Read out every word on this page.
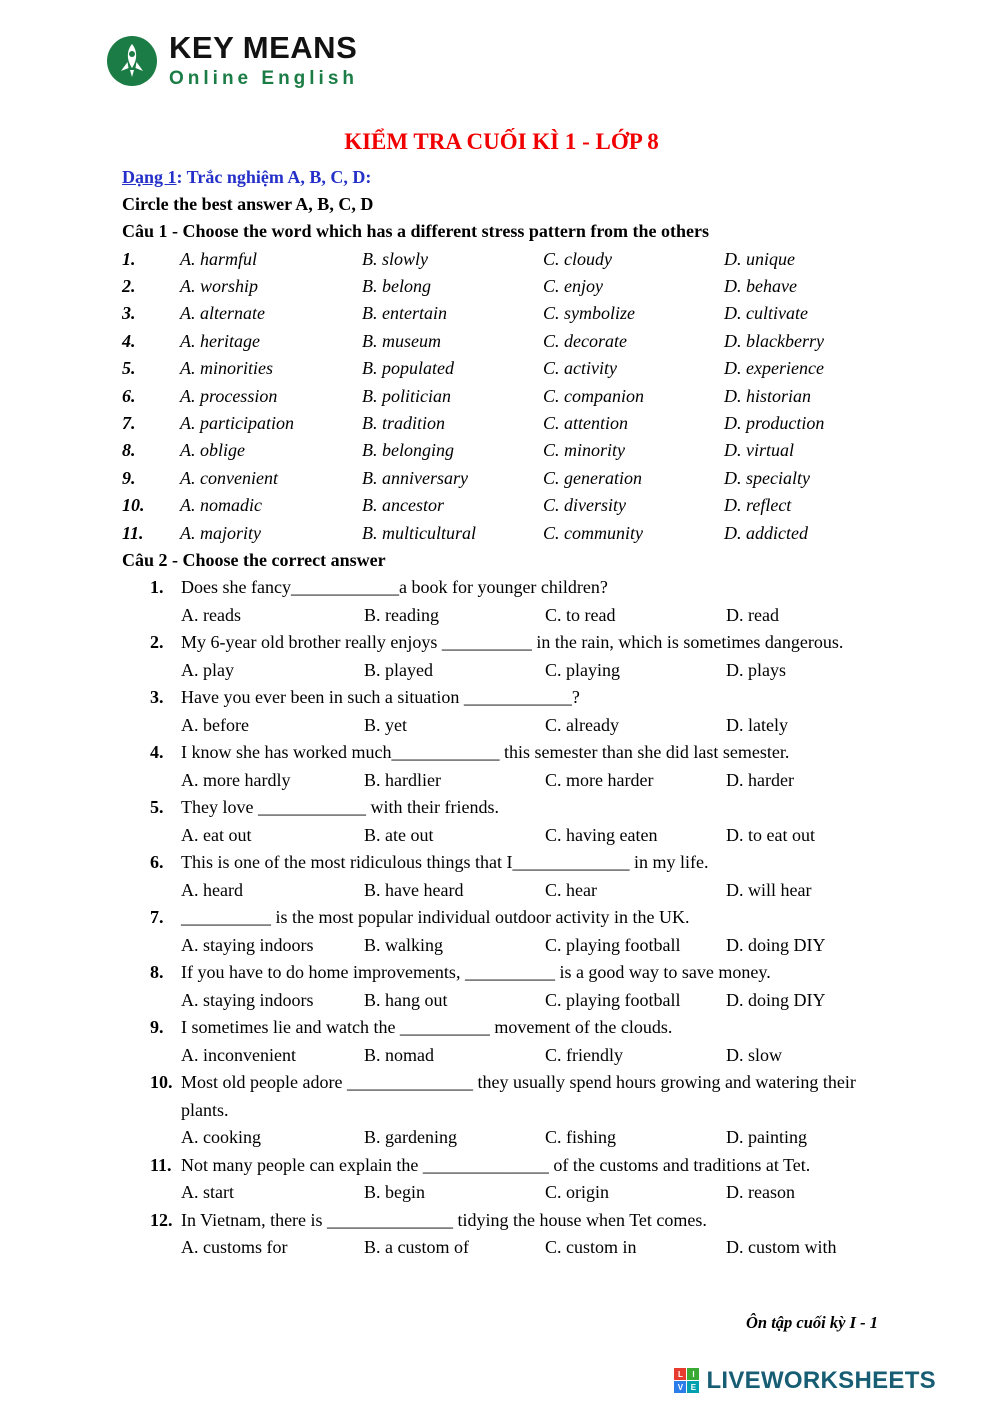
KEY MEANS
Online English
KIỂM TRA CUỐI KÌ 1 - LỚP 8

Dạng 1: Trắc nghiệm A, B, C, D:

Circle the best answer A, B, C, D

Câu 1 - Choose the word which has a different stress pattern from the others

1.	A. harmful	B. slowly	C. cloudy	D. unique
2.	A. worship	B. belong	C. enjoy	D. behave
3.	A. alternate	B. entertain	C. symbolize	D. cultivate
4.	A. heritage	B. museum	C. decorate	D. blackberry
5.	A. minorities	B. populated	C. activity	D. experience
6.	A. procession	B. politician	C. companion	D. historian
7.	A. participation	B. tradition	C. attention	D. production
8.	A. oblige	B. belonging	C. minority	D. virtual
9.	A. convenient	B. anniversary	C. generation	D. specialty
10.	A. nomadic	B. ancestor	C. diversity	D. reflect
11.	A. majority	B. multicultural	C. community	D. addicted

Câu 2 - Choose the correct answer

1. Does she fancy____________a book for younger children?
A. reads	B. reading	C. to read	D. read
2. My 6-year old brother really enjoys __________ in the rain, which is sometimes dangerous.
A. play	B. played	C. playing	D. plays
3. Have you ever been in such a situation ____________?
A. before	B. yet	C. already	D. lately
4. I know she has worked much____________ this semester than she did last semester.
A. more hardly	B. hardlier	C. more harder	D. harder
5. They love ____________ with their friends.
A. eat out	B. ate out	C. having eaten	D. to eat out
6. This is one of the most ridiculous things that I_____________ in my life.
A. heard	B. have heard	C. hear	D. will hear
7. __________ is the most popular individual outdoor activity in the UK.
A. staying indoors	B. walking	C. playing football	D. doing DIY
8. If you have to do home improvements, __________ is a good way to save money.
A. staying indoors	B. hang out	C. playing football	D. doing DIY
9. I sometimes lie and watch the __________ movement of the clouds.
A. inconvenient	B. nomad	C. friendly	D. slow
10. Most old people adore ______________ they usually spend hours growing and watering their plants.
A. cooking	B. gardening	C. fishing	D. painting
11. Not many people can explain the ______________ of the customs and traditions at Tet.
A. start	B. begin	C. origin	D. reason
12. In Vietnam, there is ______________ tidying the house when Tet comes.
A. customs for	B. a custom of	C. custom in	D. custom with
Ôn tập cuối kỳ I - 1
L	I
V E LIVEWORKSHEETS
